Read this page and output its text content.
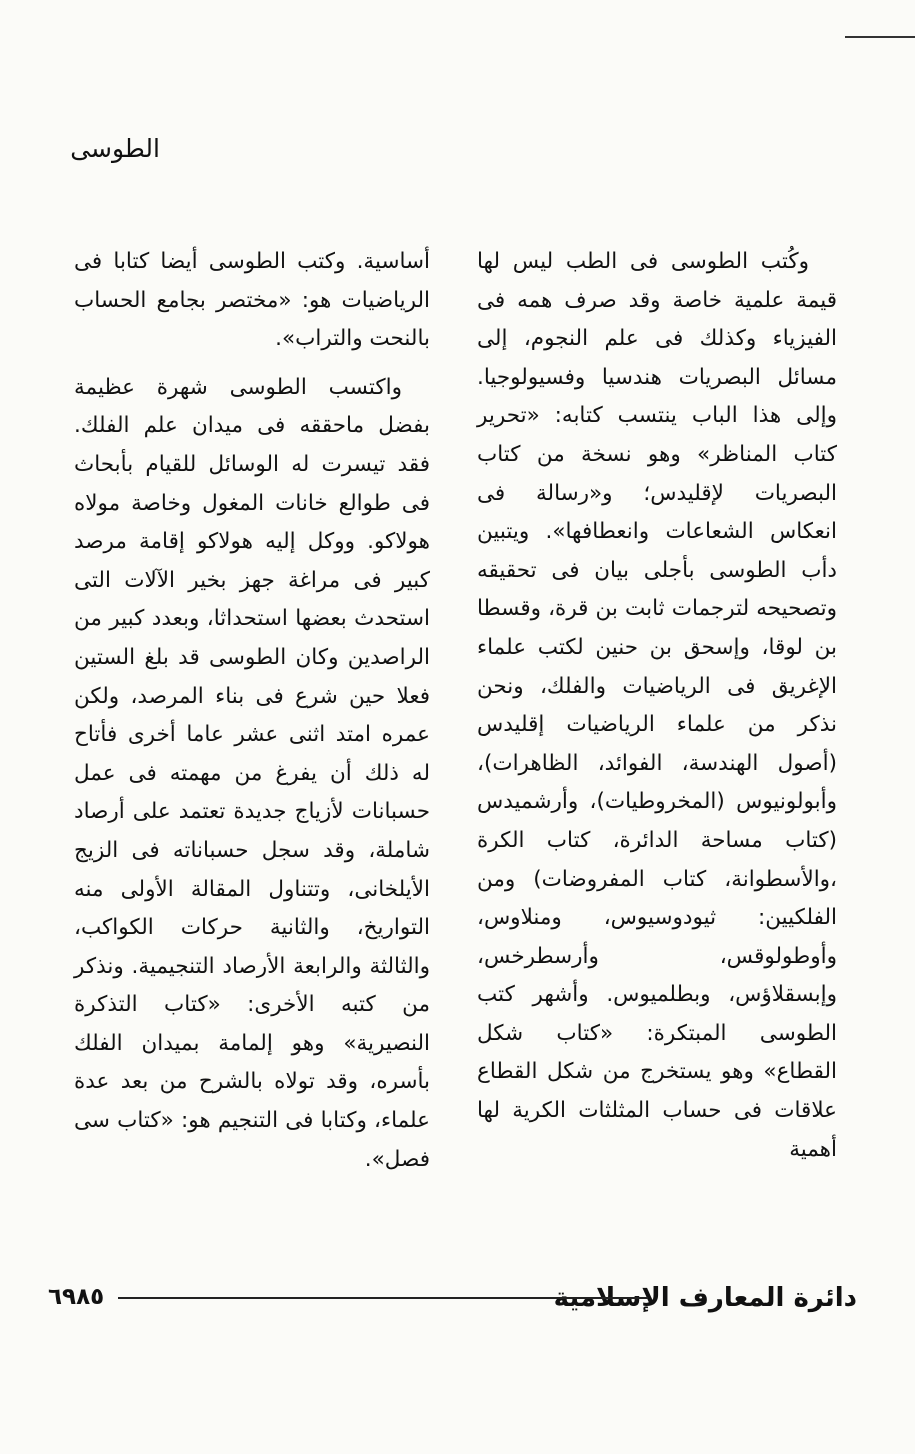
الطوسى

وكُتب الطوسى فى الطب ليس لها قيمة علمية خاصة وقد صرف همه فى الفيزياء وكذلك فى علم النجوم، إلى مسائل البصريات هندسيا وفسيولوجيا. وإلى هذا الباب ينتسب كتابه: «تحرير كتاب المناظر» وهو نسخة من كتاب البصريات لإقليدس؛ و«رسالة فى انعكاس الشعاعات وانعطافها». ويتبين دأب الطوسى بأجلى بيان فى تحقيقه وتصحيحه لترجمات ثابت بن قرة، وقسطا بن لوقا، وإسحق بن حنين لكتب علماء الإغريق فى الرياضيات والفلك، ونحن نذكر من علماء الرياضيات إقليدس (أصول الهندسة، الفوائد، الظاهرات)، وأبولونيوس (المخروطيات)، وأرشميدس (كتاب مساحة الدائرة، كتاب الكرة ،والأسطوانة، كتاب المفروضات) ومن الفلكيين: ثيودوسيوس، ومنلاوس، وأوطولوقس، وأرسطرخس، وإبسقلاؤس، وبطلميوس. وأشهر كتب الطوسى المبتكرة: «كتاب شكل القطاع» وهو يستخرج من شكل القطاع علاقات فى حساب المثلثات الكرية لها أهمية

أساسية. وكتب الطوسى أيضا كتابا فى الرياضيات هو: «مختصر بجامع الحساب بالنحت والتراب».

واكتسب الطوسى شهرة عظيمة بفضل ماحققه فى ميدان علم الفلك. فقد تيسرت له الوسائل للقيام بأبحاث فى طوالع خانات المغول وخاصة مولاه هولاكو. ووكل إليه هولاكو إقامة مرصد كبير فى مراغة جهز بخير الآلات التى استحدث بعضها استحداثا، وبعدد كبير من الراصدين وكان الطوسى قد بلغ الستين فعلا حين شرع فى بناء المرصد، ولكن عمره امتد اثنى عشر عاما أخرى فأتاح له ذلك أن يفرغ من مهمته فى عمل حسبانات لأزياج جديدة تعتمد على أرصاد شاملة، وقد سجل حسباناته فى الزيج الأيلخانى، وتتناول المقالة الأولى منه التواريخ، والثانية حركات الكواكب، والثالثة والرابعة الأرصاد التنجيمية. ونذكر من كتبه الأخرى: «كتاب التذكرة النصيرية» وهو إلمامة بميدان الفلك بأسره، وقد تولاه بالشرح من بعد عدة علماء، وكتابا فى التنجيم هو: «كتاب سى فصل».

دائرة المعارف الإسلامية
٦٩٨٥
